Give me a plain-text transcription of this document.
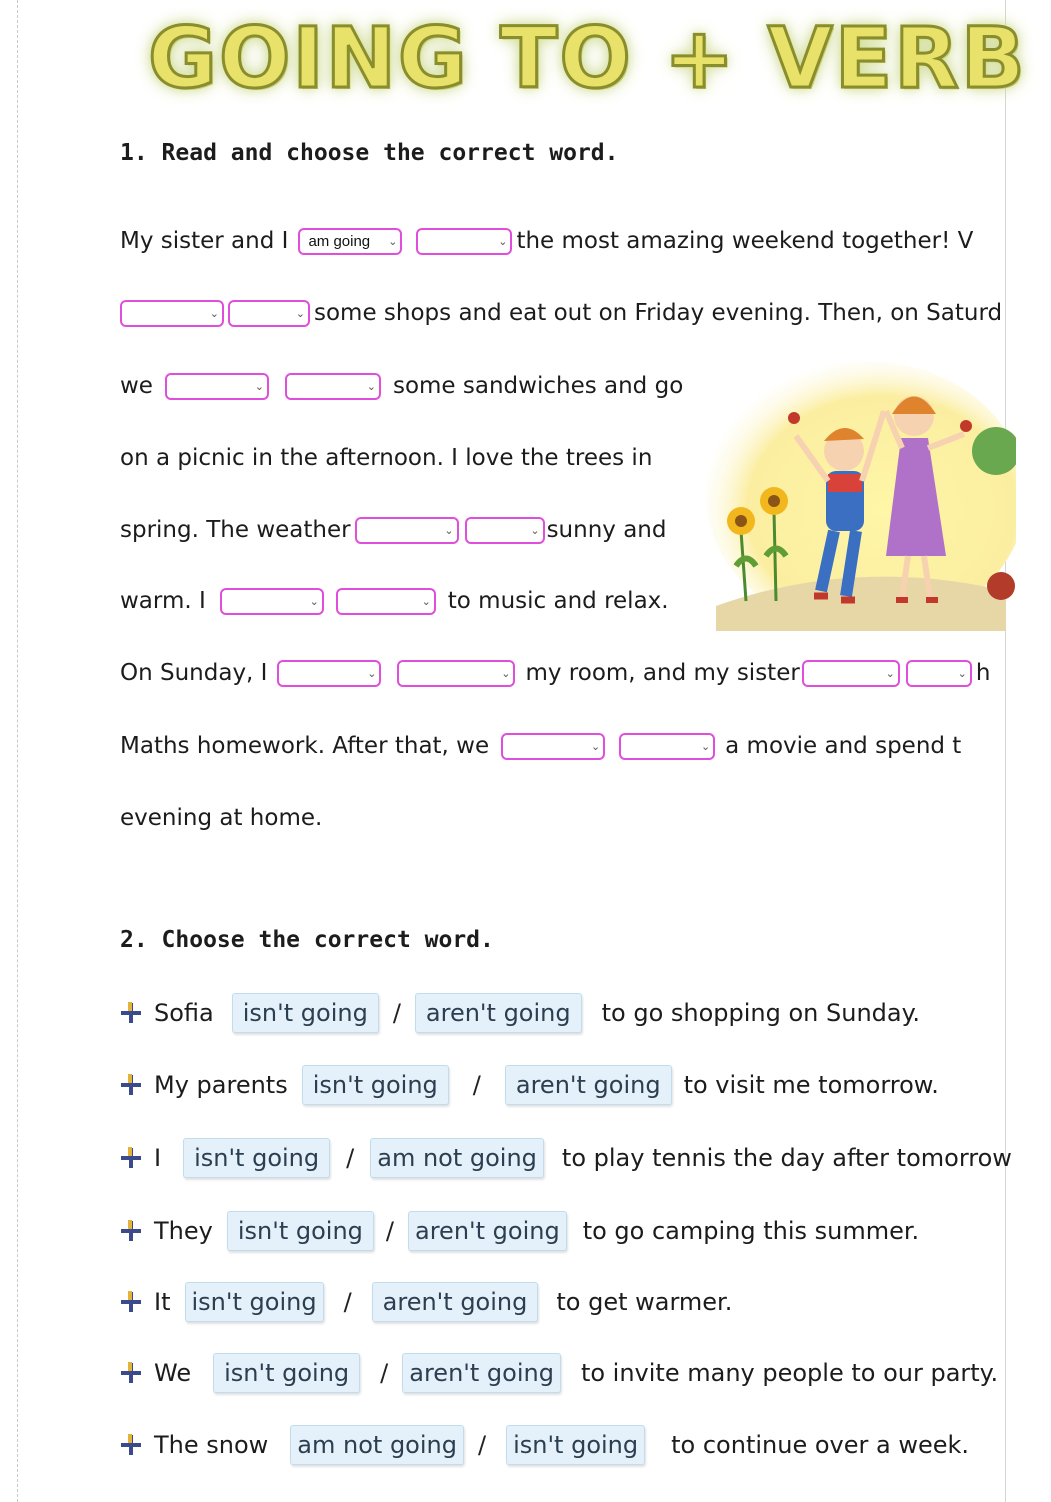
GOING TO + VERB
1. Read and choose the correct word.
My sister and I am going ⌄	⌄ the most amazing weekend together! V
⌄	⌄ some shops and eat out on Friday evening. Then, on Saturd
we	⌄	⌄ some sandwiches and go
on a picnic in the afternoon. I love the trees in
spring. The weather	⌄	⌄ sunny and
warm. I	⌄	⌄ to music and relax.
On Sunday, I	⌄	⌄ my room, and my sister	⌄	⌄ h
Maths homework. After that, we	⌄	⌄ a movie and spend t
evening at home.
2. Choose the correct word.
Sofia	isn't going	/	aren't going	to go shopping on Sunday.
My parents	isn't going	/	aren't going to visit me tomorrow.
I	isn't going	/ am not going to play tennis the day after tomorrow
They	isn't going / aren't going to go camping this summer.
It isn't going /	aren't going	to get warmer.
We	isn't going	/ aren't going to invite many people to our party.
The snow am not going / isn't going to continue over a week.
